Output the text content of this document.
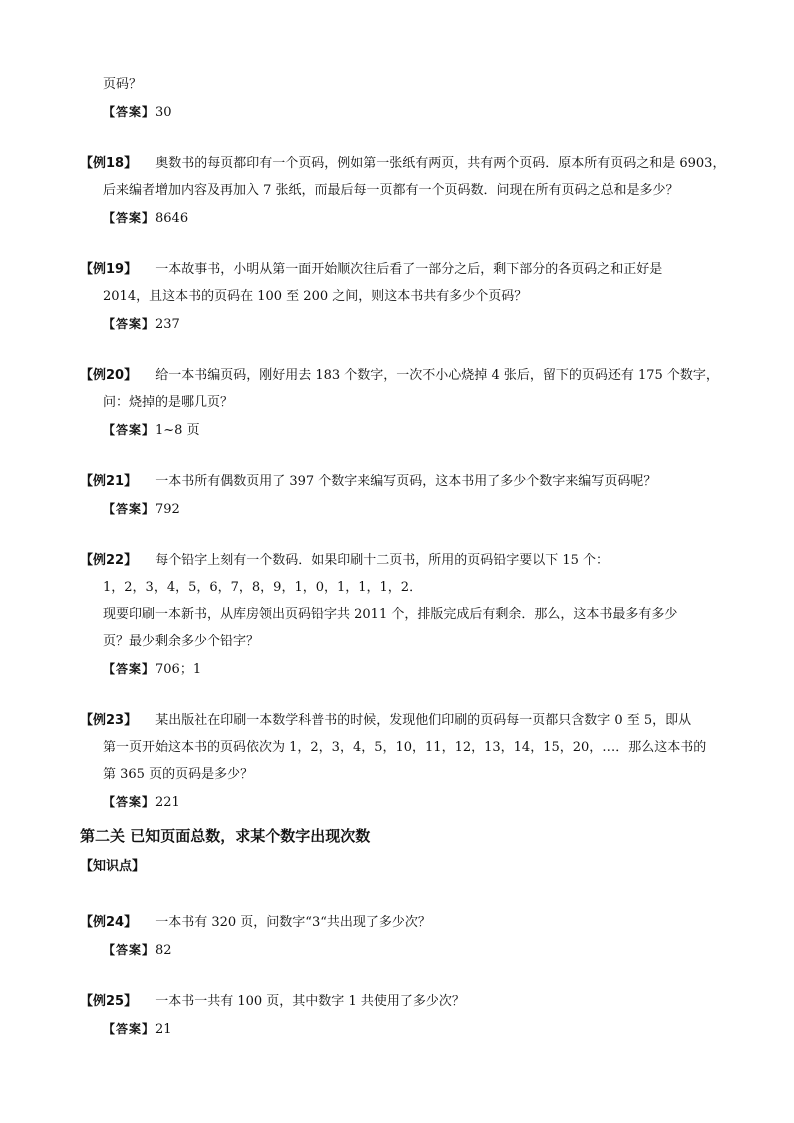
页码？
【答案】30
【例18】 奥数书的每页都印有一个页码，例如第一张纸有两页，共有两个页码．原本所有页码之和是 6903，
后来编者增加内容及再加入 7 张纸，而最后每一页都有一个页码数．问现在所有页码之总和是多少？
【答案】8646
【例19】 一本故事书，小明从第一面开始顺次往后看了一部分之后，剩下部分的各页码之和正好是
2014，且这本书的页码在 100 至 200 之间，则这本书共有多少个页码？
【答案】237
【例20】 给一本书编页码，刚好用去 183 个数字，一次不小心烧掉 4 张后，留下的页码还有 175 个数字，
问：烧掉的是哪几页？
【答案】1~8 页
【例21】 一本书所有偶数页用了 397 个数字来编写页码，这本书用了多少个数字来编写页码呢？
【答案】792
【例22】 每个铅字上刻有一个数码．如果印刷十二页书，所用的页码铅字要以下 15 个：
1，2，3，4，5，6，7，8，9，1，0，1，1，1，2．
现要印刷一本新书，从库房领出页码铅字共 2011 个，排版完成后有剩余．那么，这本书最多有多少
页？最少剩余多少个铅字？
【答案】706；1
【例23】 某出版社在印刷一本数学科普书的时候，发现他们印刷的页码每一页都只含数字 0 至 5，即从
第一页开始这本书的页码依次为 1，2，3，4，5，10，11，12，13，14，15，20，…．那么这本书的
第 365 页的页码是多少？
【答案】221
第二关 已知页面总数，求某个数字出现次数
【知识点】
【例24】 一本书有 320 页，问数字“3“共出现了多少次？
【答案】82
【例25】 一本书一共有 100 页，其中数字 1 共使用了多少次？
【答案】21
